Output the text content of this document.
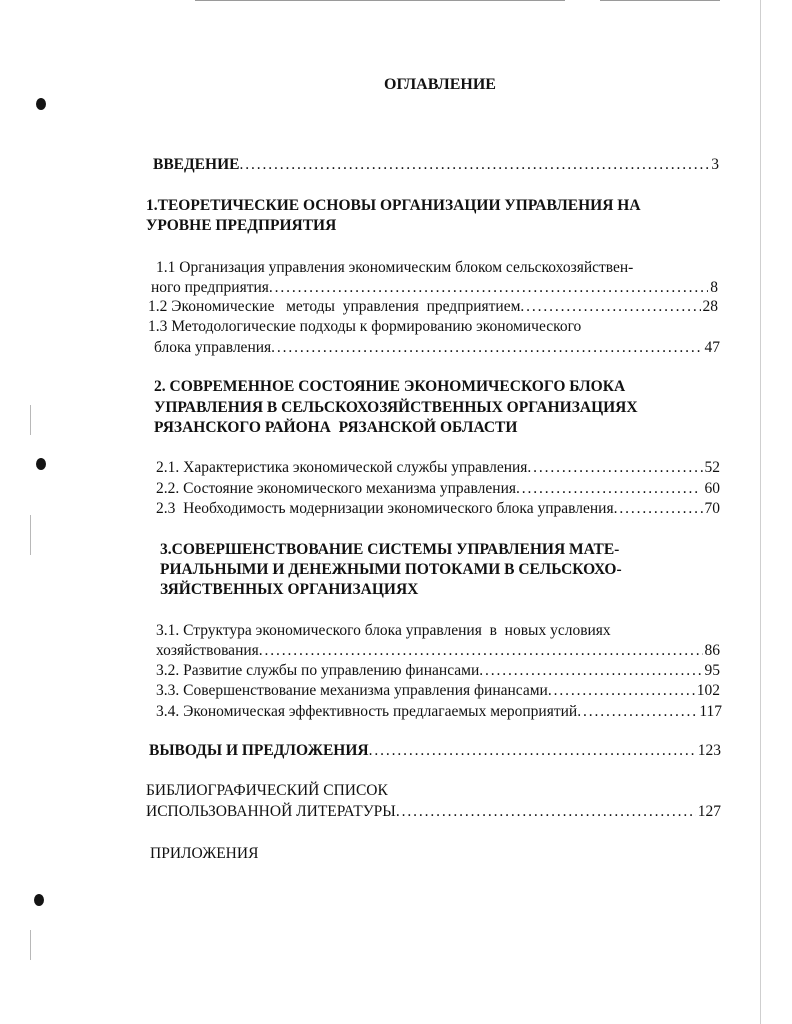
ОГЛАВЛЕНИЕ
ВВЕДЕНИЕ . . .	3
1.ТЕОРЕТИЧЕСКИЕ ОСНОВЫ ОРГАНИЗАЦИИ УПРАВЛЕНИЯ НА
УРОВНЕ ПРЕДПРИЯТИЯ
1.1 Организация управления экономическим блоком сельскохозяйствен-
ного предприятия . . .	8
1.2 Экономические   методы  управления  предприятием . . .	28
1.3 Методологические подходы к формированию экономического
блока управления . . .	47
2. СОВРЕМЕННОЕ СОСТОЯНИЕ ЭКОНОМИЧЕСКОГО БЛОКА
УПРАВЛЕНИЯ В СЕЛЬСКОХОЗЯЙСТВЕННЫХ ОРГАНИЗАЦИЯХ
РЯЗАНСКОГО РАЙОНА  РЯЗАНСКОЙ ОБЛАСТИ
2.1. Характеристика экономической службы управления . . .	52
2.2. Состояние экономического механизма управления . . .	60
2.3  Необходимость модернизации экономического блока управления . . .	70
3.СОВЕРШЕНСТВОВАНИЕ СИСТЕМЫ УПРАВЛЕНИЯ МАТЕ-
РИАЛЬНЫМИ И ДЕНЕЖНЫМИ ПОТОКАМИ В СЕЛЬСКОХО-
ЗЯЙСТВЕННЫХ ОРГАНИЗАЦИЯХ
3.1. Структура экономического блока управления  в  новых условиях
хозяйствования . . .	86
3.2. Развитие службы по управлению финансами . . .	95
3.3. Совершенствование механизма управления финансами . . .	102
3.4. Экономическая эффективность предлагаемых мероприятий . . .	117
ВЫВОДЫ И ПРЕДЛОЖЕНИЯ . . .	123
БИБЛИОГРАФИЧЕСКИЙ СПИСОК
ИСПОЛЬЗОВАННОЙ ЛИТЕРАТУРЫ . . .	127
ПРИЛОЖЕНИЯ
